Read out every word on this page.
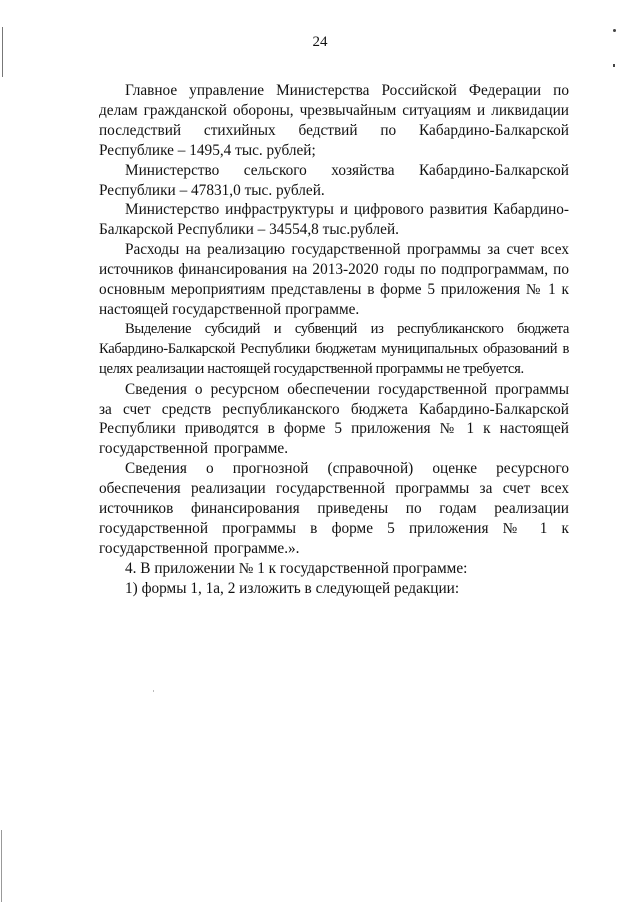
24

Главное управление Министерства Российской Федерации по делам гражданской обороны, чрезвычайным ситуациям и ликвидации последствий стихийных бедствий по Кабардино-Балкарской Республике – 1495,4 тыс. рублей;

Министерство сельского хозяйства Кабардино-Балкарской Республики – 47831,0 тыс. рублей.

Министерство инфраструктуры и цифрового развития Кабардино-Балкарской Республики – 34554,8 тыс.рублей.

Расходы на реализацию государственной программы за счет всех источников финансирования на 2013-2020 годы по подпрограммам, по основным мероприятиям представлены в форме 5 приложения № 1 к настоящей государственной программе.

Выделение субсидий и субвенций из республиканского бюджета Кабардино-Балкарской Республики бюджетам муниципальных образований в целях реализации настоящей государственной программы не требуется.

Сведения о ресурсном обеспечении государственной программы за счет средств республиканского бюджета Кабардино-Балкарской Республики приводятся в форме 5 приложения № 1 к настоящей государственной программе.

Сведения о прогнозной (справочной) оценке ресурсного обеспечения реализации государственной программы за счет всех источников финансирования приведены по годам реализации государственной программы в форме 5 приложения № 1 к государственной программе.».

4. В приложении № 1 к государственной программе:

1) формы 1, 1а, 2 изложить в следующей редакции:
